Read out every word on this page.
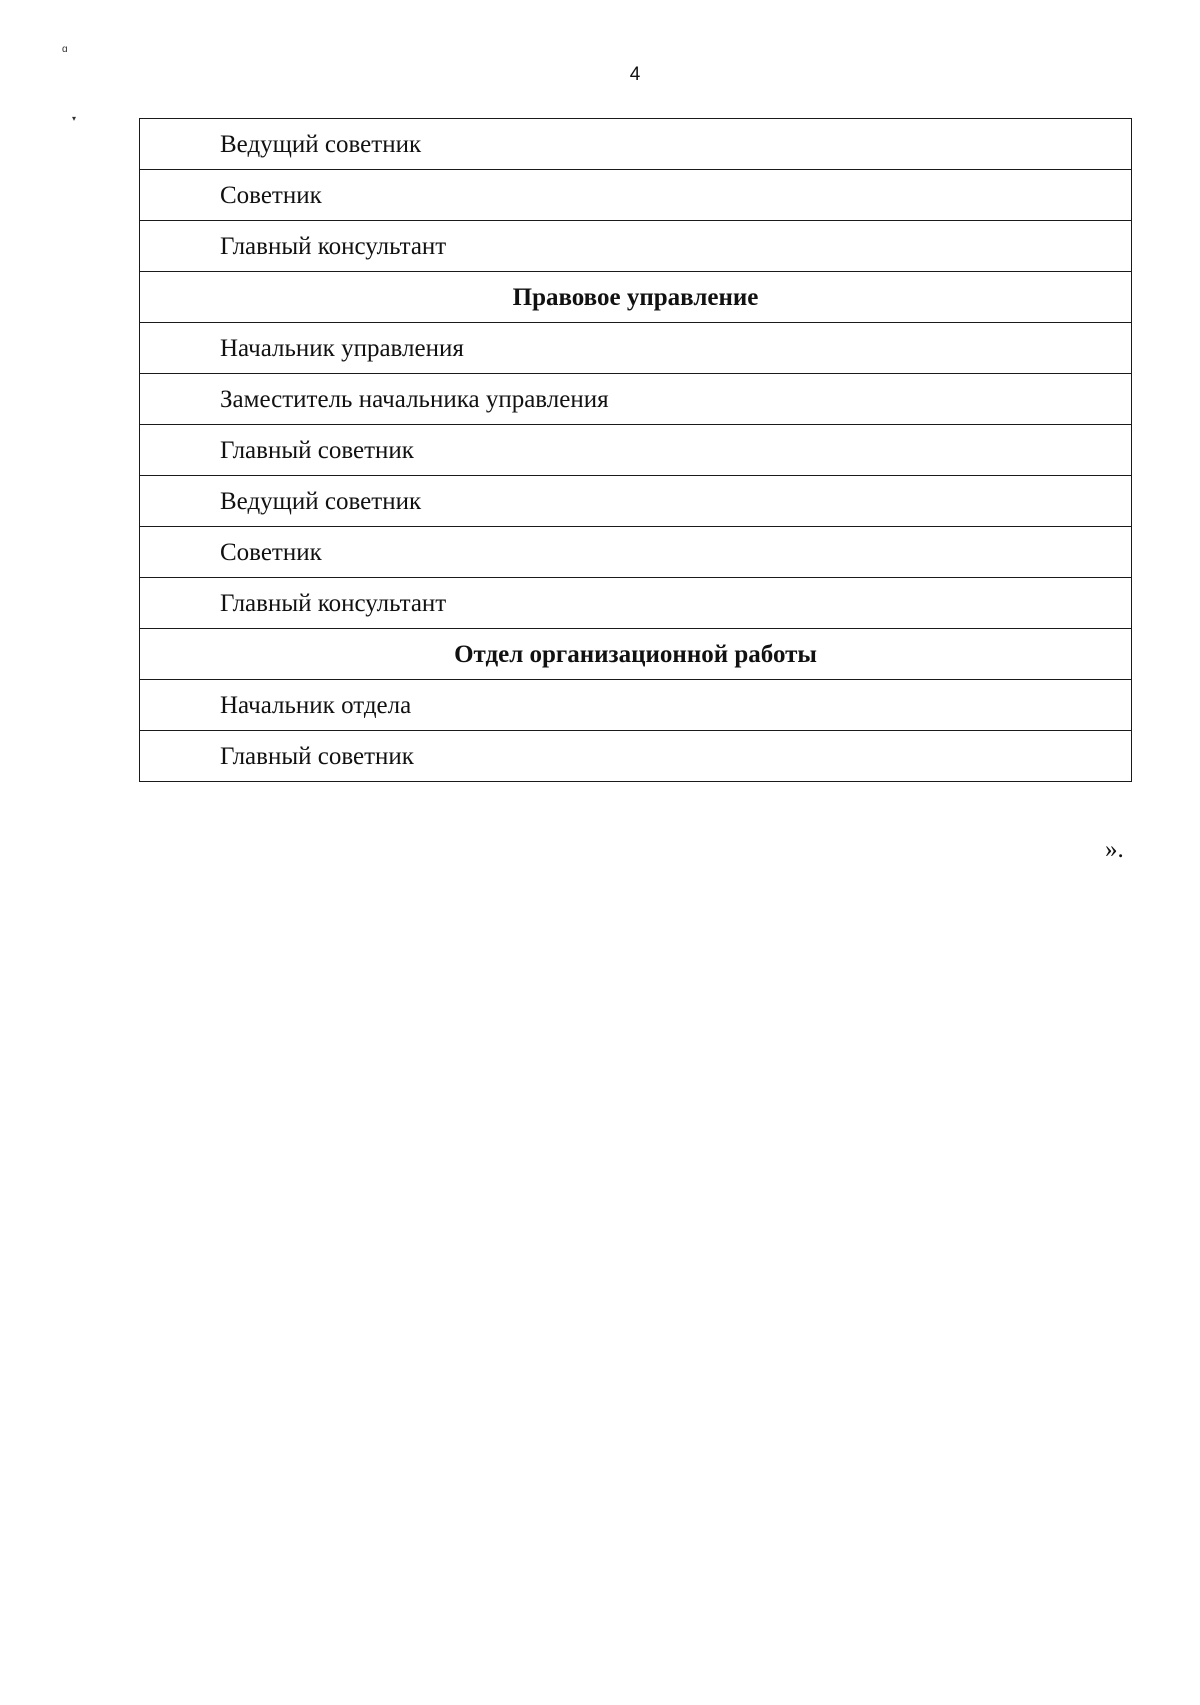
ɑ
▾
4
Ведущий советник
Советник
Главный консультант
Правовое управление
Начальник управления
Заместитель начальника управления
Главный советник
Ведущий советник
Советник
Главный консультант
Отдел организационной работы
Начальник отдела
Главный советник
».
